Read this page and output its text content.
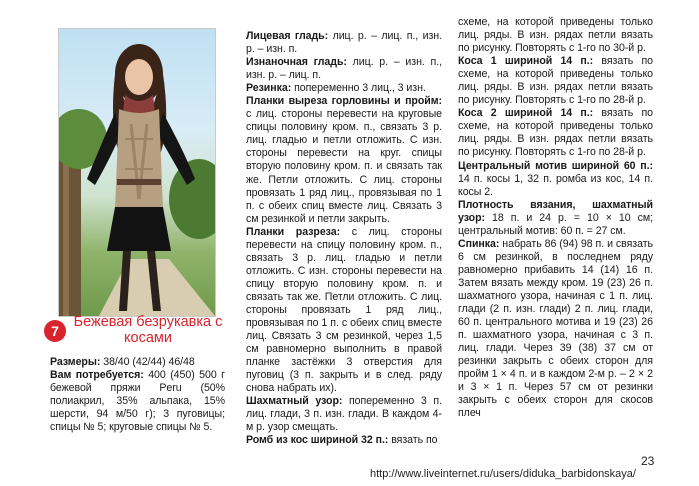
7
Бежевая безрукавка с косами

Размеры: 38/40 (42/44) 46/48

Вам потребуется: 400 (450) 500 г бежевой пряжи Peru (50% полиакрил, 35% альпака, 15% шерсти, 94 м/50 г); 3 пуговицы; спицы № 5; круговые спицы № 5.

Лицевая гладь: лиц. р. – лиц. п., изн. р. – изн. п.

Изнаночная гладь: лиц. р. – изн. п., изн. р. – лиц. п.

Резинка: попеременно 3 лиц., 3 изн.

Планки выреза горловины и пройм: с лиц. стороны перевести на круговые спицы половину кром. п., связать 3 р. лиц. гладью и петли отложить. С изн. стороны перевести на круг. спицы вторую половину кром. п. и связать так же. Петли отложить. С лиц. стороны провязать 1 ряд лиц., провязывая по 1 п. с обеих спиц вместе лиц. Связать 3 см резинкой и петли закрыть.

Планки разреза: с лиц. стороны перевести на спицу половину кром. п., связать 3 р. лиц. гладью и петли отложить. С изн. стороны перевести на спицу вторую половину кром. п. и связать так же. Петли отложить. С лиц. стороны провязать 1 ряд лиц., провязывая по 1 п. с обеих спиц вместе лиц. Связать 3 см резинкой, через 1,5 см равномерно выполнить в правой планке застёжки 3 отверстия для пуговиц (3 п. закрыть и в след. ряду снова набрать их).

Шахматный узор: попеременно 3 п. лиц. глади, 3 п. изн. глади. В каждом 4-м р. узор смещать.

Ромб из кос шириной 32 п.: вязать по

схеме, на которой приведены только лиц. ряды. В изн. рядах петли вязать по рисунку. Повторять с 1-го по 30-й р.

Коса 1 шириной 14 п.: вязать по схеме, на которой приведены только лиц. ряды. В изн. рядах петли вязать по рисунку. Повторять с 1-го по 28-й р.

Коса 2 шириной 14 п.: вязать по схеме, на которой приведены только лиц. ряды. В изн. рядах петли вязать по рисунку. Повторять с 1-го по 28-й р.

Центральный мотив шириной 60 п.: 14 п. косы 1, 32 п. ромба из кос, 14 п. косы 2.

Плотность вязания, шахматный узор: 18 п. и 24 р. = 10 × 10 см; центральный мотив: 60 п. = 27 см.

Спинка: набрать 86 (94) 98 п. и связать 6 см резинкой, в последнем ряду равномерно прибавить 14 (14) 16 п. Затем вязать между кром. 19 (23) 26 п. шахматного узора, начиная с 1 п. лиц. глади (2 п. изн. глади) 2 п. лиц. глади, 60 п. центрального мотива и 19 (23) 26 п. шахматного узора, начиная с 3 п. лиц. глади. Через 39 (38) 37 см от резинки закрыть с обеих сторон для пройм 1 × 4 п. и в каждом 2-м р. – 2 × 2 и 3 × 1 п. Через 57 см от резинки закрыть с обеих сторон для скосов плеч

23
http://www.liveinternet.ru/users/diduka_barbidonskaya/
